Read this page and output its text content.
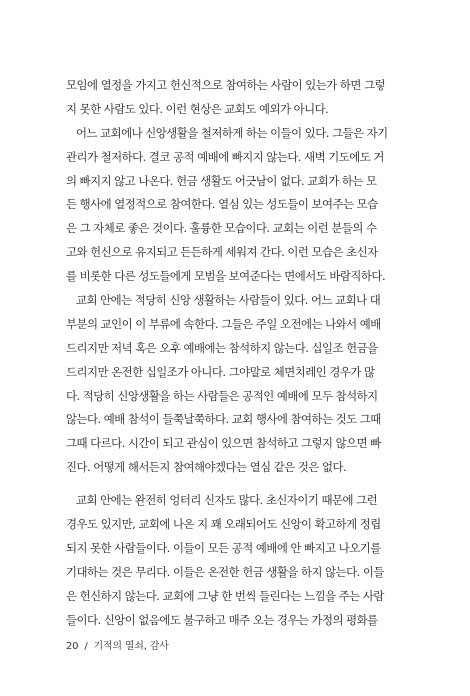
모임에 열정을 가지고 헌신적으로 참여하는 사람이 있는가 하면 그렇
지 못한 사람도 있다. 이런 현상은 교회도 예외가 아니다.
어느 교회에나 신앙생활을 철저하게 하는 이들이 있다. 그들은 자기
관리가 철저하다. 결코 공적 예배에 빠지지 않는다. 새벽 기도에도 거
의 빠지지 않고 나온다. 헌금 생활도 어긋남이 없다. 교회가 하는 모
든 행사에 열정적으로 참여한다. 열심 있는 성도들이 보여주는 모습
은 그 자체로 좋은 것이다. 훌륭한 모습이다. 교회는 이런 분들의 수
고와 헌신으로 유지되고 든든하게 세워져 간다. 이런 모습은 초신자
를 비롯한 다른 성도들에게 모범을 보여준다는 면에서도 바람직하다.
교회 안에는 적당히 신앙 생활하는 사람들이 있다. 어느 교회나 대
부분의 교인이 이 부류에 속한다. 그들은 주일 오전에는 나와서 예배
드리지만 저녁 혹은 오후 예배에는 참석하지 않는다. 십일조 헌금을
드리지만 온전한 십일조가 아니다. 그야말로 체면치레인 경우가 많
다. 적당히 신앙생활을 하는 사람들은 공적인 예배에 모두 참석하지
않는다. 예배 참석이 들쭉날쭉하다. 교회 행사에 참여하는 것도 그때
그때 다르다. 시간이 되고 관심이 있으면 참석하고 그렇지 않으면 빠
진다. 어떻게 해서든지 참여해야겠다는 열심 같은 것은 없다.
교회 안에는 완전히 엉터리 신자도 많다. 초신자이기 때문에 그런
경우도 있지만, 교회에 나온 지 꽤 오래되어도 신앙이 확고하게 정립
되지 못한 사람들이다. 이들이 모든 공적 예배에 안 빠지고 나오기를
기대하는 것은 무리다. 이들은 온전한 헌금 생활을 하지 않는다. 이들
은 헌신하지 않는다. 교회에 그냥 한 번씩 들린다는 느낌을 주는 사람
들이다. 신앙이 없음에도 불구하고 매주 오는 경우는 가정의 평화를
20 / 기적의 열쇠, 감사
